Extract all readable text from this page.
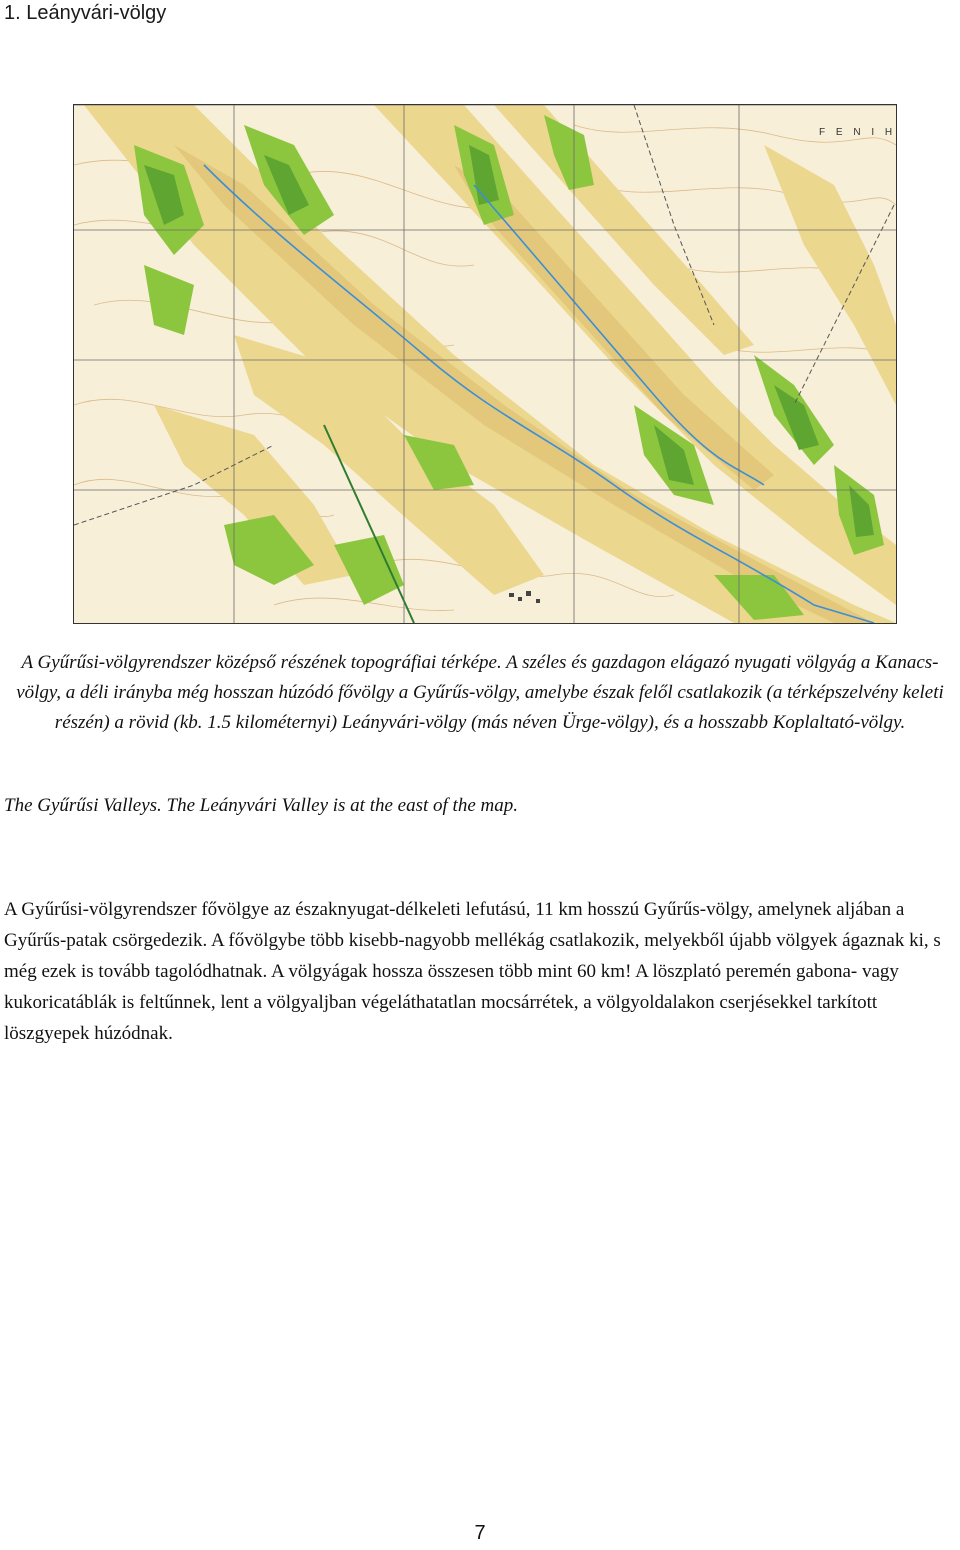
1. Leányvári-völgy
F E N I H

A Gyűrűsi-völgyrendszer középső részének topográfiai térképe. A széles és gazdagon elágazó nyugati völgyág a Kanacs-völgy, a déli irányba még hosszan húzódó fővölgy a Gyűrűs-völgy, amelybe észak felől csatlakozik (a térképszelvény keleti részén) a rövid (kb. 1.5 kilométernyi) Leányvári-völgy (más néven Ürge-völgy), és a hosszabb Koplaltató-völgy.

The Gyűrűsi Valleys. The Leányvári Valley is at the east of the map.

A Gyűrűsi-völgyrendszer fővölgye az északnyugat-délkeleti lefutású, 11 km hosszú Gyűrűs-völgy, amelynek aljában a Gyűrűs-patak csörgedezik. A fővölgybe több kisebb-nagyobb mellékág csatlakozik, melyekből újabb völgyek ágaznak ki, s még ezek is tovább tagolódhatnak. A völgyágak hossza összesen több mint 60 km! A löszplató peremén gabona- vagy kukoricatáblák is feltűnnek, lent a völgyaljban végeláthatatlan mocsárrétek, a völgyoldalakon cserjésekkel tarkított löszgyepek húzódnak.

7
